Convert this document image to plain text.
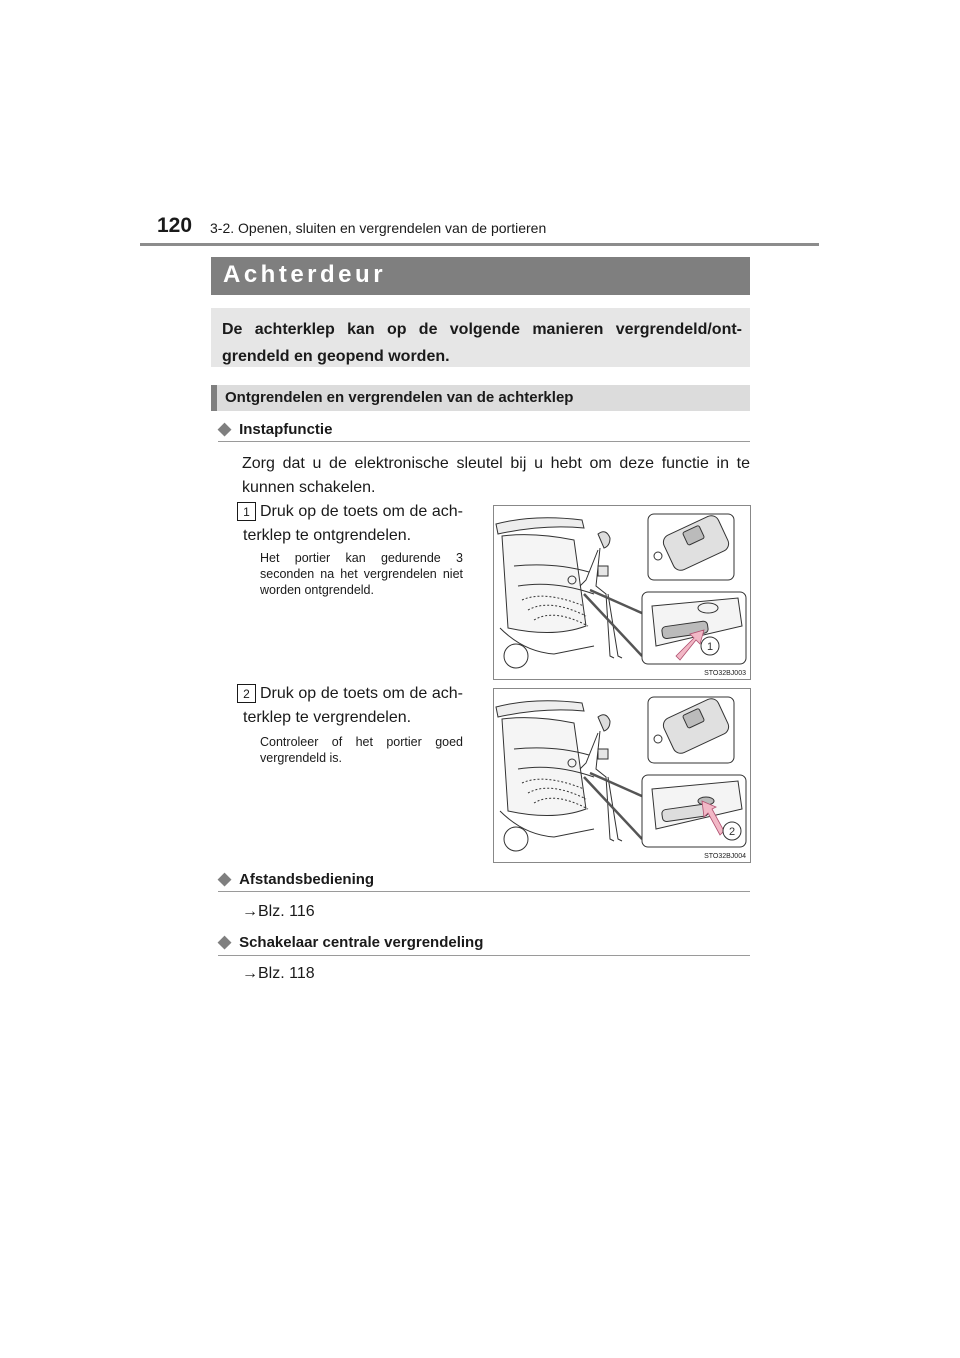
120 3-2. Openen, sluiten en vergrendelen van de portieren
Achterdeur
De achterklep kan op de volgende manieren vergrendeld/ont-grendeld en geopend worden.
Ontgrendelen en vergrendelen van de achterklep
◆ Instapfunctie
Zorg dat u de elektronische sleutel bij u hebt om deze functie in te kunnen schakelen.
1 Druk op de toets om de ach-terklep te ontgrendelen.
Het portier kan gedurende 3 seconden na het vergrendelen niet worden ontgrendeld.
1
STO32BJ003
2 Druk op de toets om de ach-terklep te vergrendelen.
Controleer of het portier goed vergrendeld is.
2
STO32BJ004
◆ Afstandsbediening
→Blz. 116
◆ Schakelaar centrale vergrendeling
→Blz. 118
